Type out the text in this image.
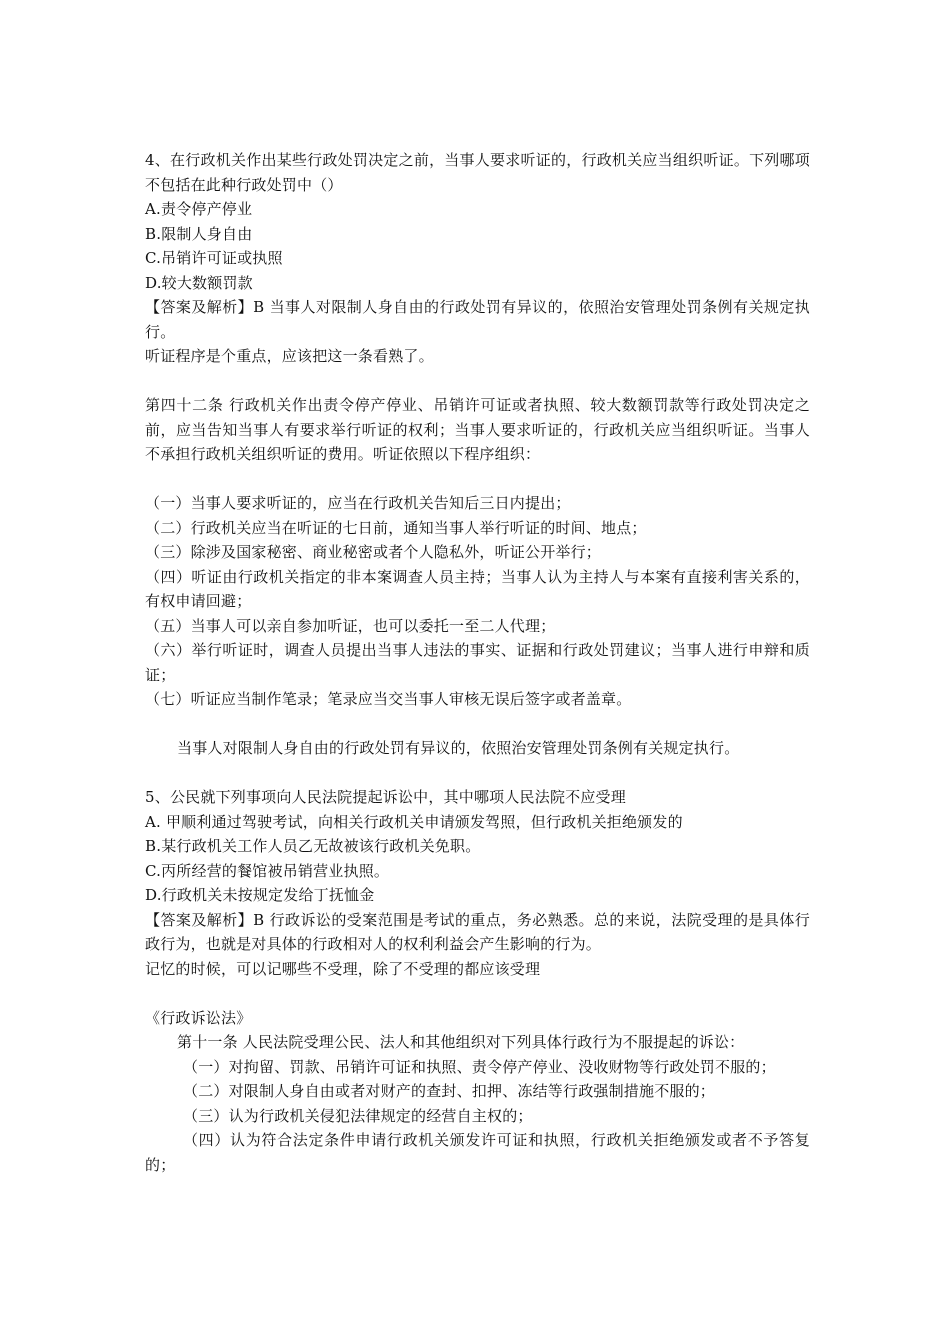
4、在行政机关作出某些行政处罚决定之前，当事人要求听证的，行政机关应当组织听证。下列哪项不包括在此种行政处罚中（）
A.责令停产停业
B.限制人身自由
C.吊销许可证或执照
D.较大数额罚款
【答案及解析】B 当事人对限制人身自由的行政处罚有异议的，依照治安管理处罚条例有关规定执行。
听证程序是个重点，应该把这一条看熟了。
第四十二条 行政机关作出责令停产停业、吊销许可证或者执照、较大数额罚款等行政处罚决定之前，应当告知当事人有要求举行听证的权利；当事人要求听证的，行政机关应当组织听证。当事人不承担行政机关组织听证的费用。听证依照以下程序组织：
（一）当事人要求听证的，应当在行政机关告知后三日内提出；
（二）行政机关应当在听证的七日前，通知当事人举行听证的时间、地点；
（三）除涉及国家秘密、商业秘密或者个人隐私外，听证公开举行；
（四）听证由行政机关指定的非本案调查人员主持；当事人认为主持人与本案有直接利害关系的，有权申请回避；
（五）当事人可以亲自参加听证，也可以委托一至二人代理；
（六）举行听证时，调查人员提出当事人违法的事实、证据和行政处罚建议；当事人进行申辩和质证；
（七）听证应当制作笔录；笔录应当交当事人审核无误后签字或者盖章。
当事人对限制人身自由的行政处罚有异议的，依照治安管理处罚条例有关规定执行。
5、公民就下列事项向人民法院提起诉讼中，其中哪项人民法院不应受理
A. 甲顺利通过驾驶考试，向相关行政机关申请颁发驾照，但行政机关拒绝颁发的
B.某行政机关工作人员乙无故被该行政机关免职。
C.丙所经营的餐馆被吊销营业执照。
D.行政机关未按规定发给丁抚恤金
【答案及解析】B 行政诉讼的受案范围是考试的重点，务必熟悉。总的来说，法院受理的是具体行政行为，也就是对具体的行政相对人的权利利益会产生影响的行为。
记忆的时候，可以记哪些不受理，除了不受理的都应该受理
《行政诉讼法》
第十一条 人民法院受理公民、法人和其他组织对下列具体行政行为不服提起的诉讼：
（一）对拘留、罚款、吊销许可证和执照、责令停产停业、没收财物等行政处罚不服的；
（二）对限制人身自由或者对财产的查封、扣押、冻结等行政强制措施不服的；
（三）认为行政机关侵犯法律规定的经营自主权的；
（四）认为符合法定条件申请行政机关颁发许可证和执照，行政机关拒绝颁发或者不予答复的；
